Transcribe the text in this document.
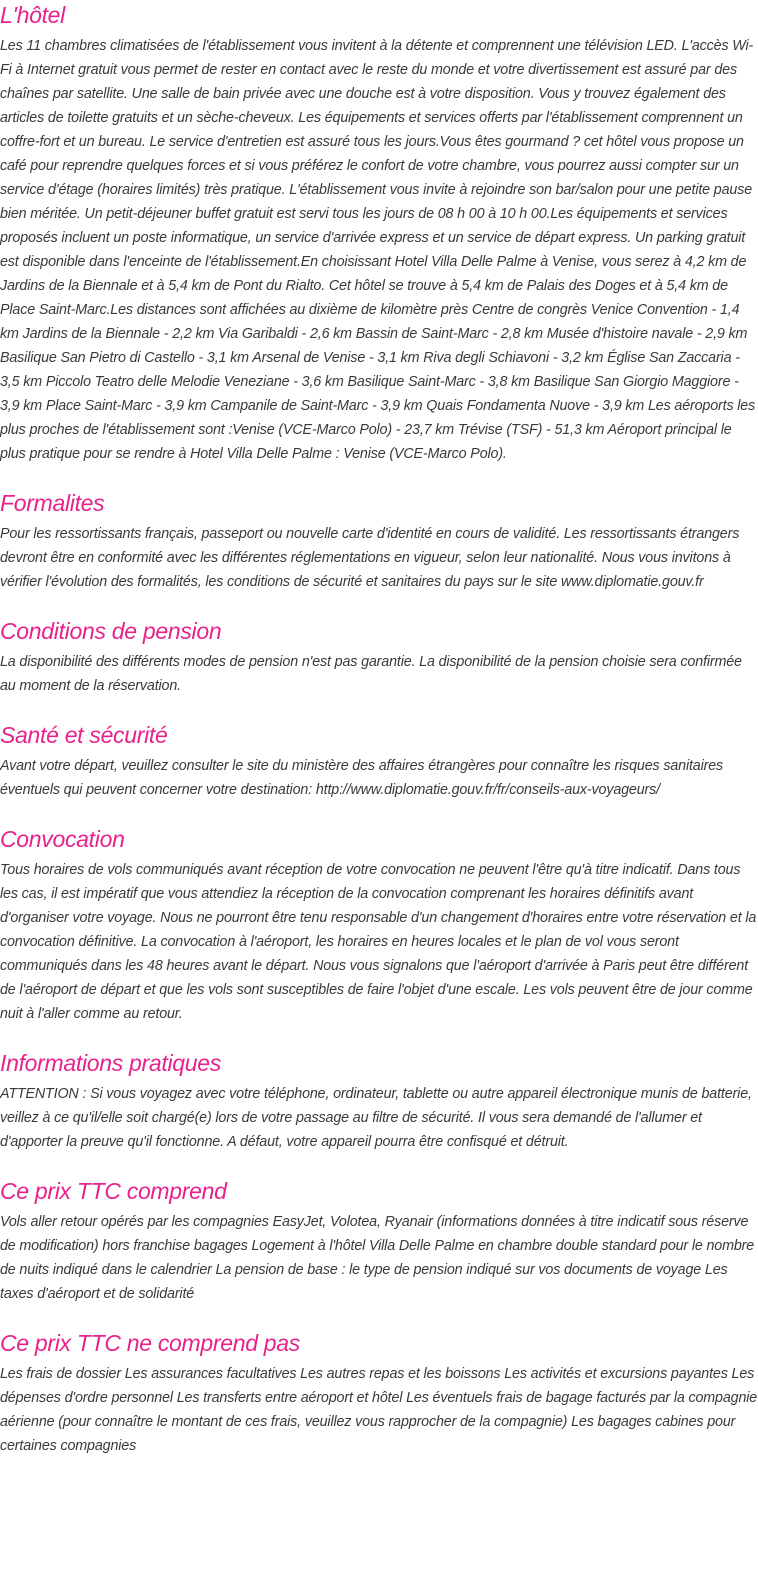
L'hôtel

Les 11 chambres climatisées de l'établissement vous invitent à la détente et comprennent une télévision LED. L'accès Wi-Fi à Internet gratuit vous permet de rester en contact avec le reste du monde et votre divertissement est assuré par des chaînes par satellite. Une salle de bain privée avec une douche est à votre disposition. Vous y trouvez également des articles de toilette gratuits et un sèche-cheveux. Les équipements et services offerts par l'établissement comprennent un coffre-fort et un bureau. Le service d'entretien est assuré tous les jours.Vous êtes gourmand ? cet hôtel vous propose un café pour reprendre quelques forces et si vous préférez le confort de votre chambre, vous pourrez aussi compter sur un service d'étage (horaires limités) très pratique. L'établissement vous invite à rejoindre son bar/salon pour une petite pause bien méritée. Un petit-déjeuner buffet gratuit est servi tous les jours de 08 h 00 à 10 h 00.Les équipements et services proposés incluent un poste informatique, un service d'arrivée express et un service de départ express. Un parking gratuit est disponible dans l'enceinte de l'établissement.En choisissant Hotel Villa Delle Palme à Venise, vous serez à 4,2 km de Jardins de la Biennale et à 5,4 km de Pont du Rialto. Cet hôtel se trouve à 5,4 km de Palais des Doges et à 5,4 km de Place Saint-Marc.Les distances sont affichées au dixième de kilomètre près Centre de congrès Venice Convention - 1,4 km Jardins de la Biennale - 2,2 km Via Garibaldi - 2,6 km Bassin de Saint-Marc - 2,8 km Musée d'histoire navale - 2,9 km Basilique San Pietro di Castello - 3,1 km Arsenal de Venise - 3,1 km Riva degli Schiavoni - 3,2 km Église San Zaccaria - 3,5 km Piccolo Teatro delle Melodie Veneziane - 3,6 km Basilique Saint-Marc - 3,8 km Basilique San Giorgio Maggiore - 3,9 km Place Saint-Marc - 3,9 km Campanile de Saint-Marc - 3,9 km Quais Fondamenta Nuove - 3,9 km Les aéroports les plus proches de l'établissement sont :Venise (VCE-Marco Polo) - 23,7 km Trévise (TSF) - 51,3 km Aéroport principal le plus pratique pour se rendre à Hotel Villa Delle Palme : Venise (VCE-Marco Polo).

Formalites

Pour les ressortissants français, passeport ou nouvelle carte d'identité en cours de validité. Les ressortissants étrangers devront être en conformité avec les différentes réglementations en vigueur, selon leur nationalité. Nous vous invitons à vérifier l'évolution des formalités, les conditions de sécurité et sanitaires du pays sur le site www.diplomatie.gouv.fr

Conditions de pension

La disponibilité des différents modes de pension n'est pas garantie. La disponibilité de la pension choisie sera confirmée au moment de la réservation.

Santé et sécurité

Avant votre départ, veuillez consulter le site du ministère des affaires étrangères pour connaître les risques sanitaires éventuels qui peuvent concerner votre destination: http://www.diplomatie.gouv.fr/fr/conseils-aux-voyageurs/

Convocation

Tous horaires de vols communiqués avant réception de votre convocation ne peuvent l'être qu'à titre indicatif. Dans tous les cas, il est impératif que vous attendiez la réception de la convocation comprenant les horaires définitifs avant d'organiser votre voyage. Nous ne pourront être tenu responsable d'un changement d'horaires entre votre réservation et la convocation définitive. La convocation à l'aéroport, les horaires en heures locales et le plan de vol vous seront communiqués dans les 48 heures avant le départ. Nous vous signalons que l'aéroport d'arrivée à Paris peut être différent de l'aéroport de départ et que les vols sont susceptibles de faire l'objet d'une escale. Les vols peuvent être de jour comme nuit à l'aller comme au retour.

Informations pratiques

ATTENTION : Si vous voyagez avec votre téléphone, ordinateur, tablette ou autre appareil électronique munis de batterie, veillez à ce qu'il/elle soit chargé(e) lors de votre passage au filtre de sécurité. Il vous sera demandé de l'allumer et d'apporter la preuve qu'il fonctionne. A défaut, votre appareil pourra être confisqué et détruit.

Ce prix TTC comprend

Vols aller retour opérés par les compagnies EasyJet, Volotea, Ryanair (informations données à titre indicatif sous réserve de modification) hors franchise bagages Logement à l'hôtel Villa Delle Palme en chambre double standard pour le nombre de nuits indiqué dans le calendrier La pension de base : le type de pension indiqué sur vos documents de voyage Les taxes d'aéroport et de solidarité

Ce prix TTC ne comprend pas

Les frais de dossier Les assurances facultatives Les autres repas et les boissons Les activités et excursions payantes Les dépenses d'ordre personnel Les transferts entre aéroport et hôtel Les éventuels frais de bagage facturés par la compagnie aérienne (pour connaître le montant de ces frais, veuillez vous rapprocher de la compagnie) Les bagages cabines pour certaines compagnies
